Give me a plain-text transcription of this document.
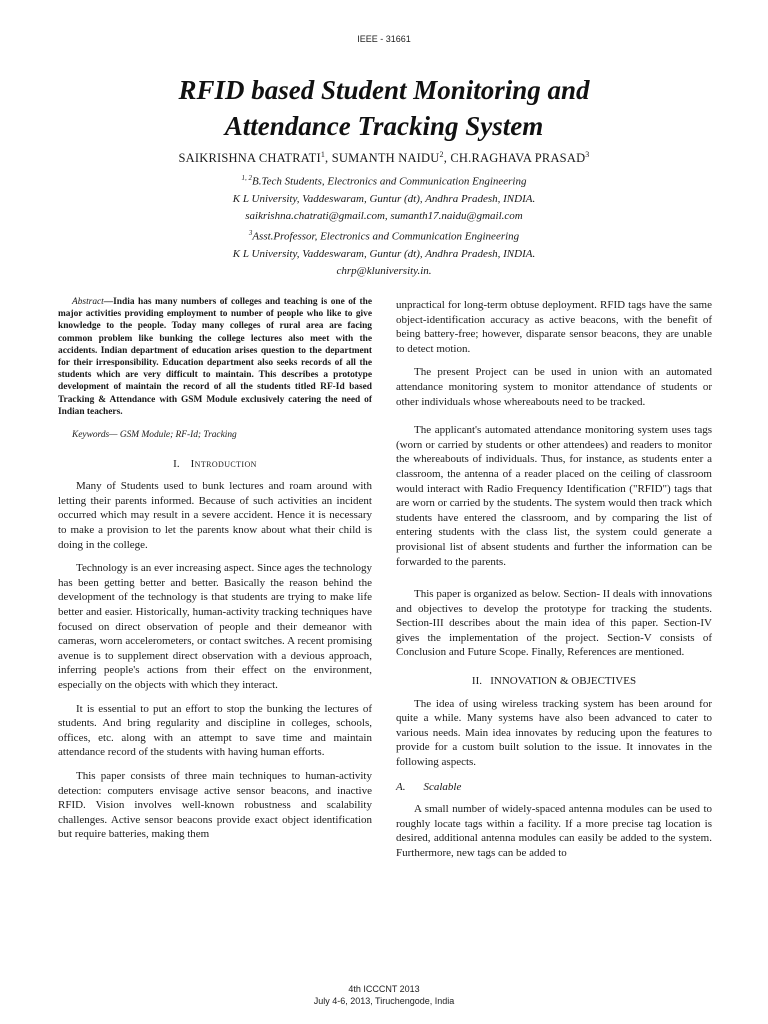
IEEE - 31661
RFID based Student Monitoring and
Attendance Tracking System
SAIKRISHNA CHATRATI$^1$, SUMANTH NAIDU$^2$, CH.RAGHAVA PRASAD$^3$
$^{1, 2}$B.Tech Students, Electronics and Communication Engineering
K L University, Vaddeswaram, Guntur (dt), Andhra Pradesh, INDIA.
saikrishna.chatrati@gmail.com, sumanth17.naidu@gmail.com
$^3$Asst.Professor, Electronics and Communication Engineering
K L University, Vaddeswaram, Guntur (dt), Andhra Pradesh, INDIA.
chrp@kluniversity.in.

Abstract—India has many numbers of colleges and teaching is one of the major activities providing employment to number of people who like to give knowledge to the people. Today many colleges of rural area are facing common problem like bunking the college lectures also meet with the accidents. Indian department of education arises question to the department for their irresponsibility. Education department also seeks records of all the students which are very difficult to maintain. This describes a prototype development of maintain the record of all the students titled RF-Id based Tracking & Attendance with GSM Module exclusively catering the need of Indian teachers.

Keywords— GSM Module; RF-Id; Tracking

I. Introduction

Many of Students used to bunk lectures and roam around with letting their parents informed. Because of such activities an incident occurred which may result in a severe accident. Hence it is necessary to make a provision to let the parents know about what their child is doing in the college.

Technology is an ever increasing aspect. Since ages the technology has been getting better and better. Basically the reason behind the development of the technology is that students are trying to make life better and easier. Historically, human-activity tracking techniques have focused on direct observation of people and their demeanor with cameras, worn accelerometers, or contact switches. A recent promising avenue is to supplement direct observation with a devious approach, inferring people's actions from their effect on the environment, especially on the objects with which they interact.

It is essential to put an effort to stop the bunking the lectures of students. And bring regularity and discipline in colleges, schools, offices, etc. along with an attempt to save time and maintain attendance record of the students with having human efforts.

This paper consists of three main techniques to human-activity detection: computers envisage active sensor beacons, and inactive RFID. Vision involves well-known robustness and scalability challenges. Active sensor beacons provide exact object identification but require batteries, making them

unpractical for long-term obtuse deployment. RFID tags have the same object-identification accuracy as active beacons, with the benefit of being battery-free; however, disparate sensor beacons, they are unable to detect motion.

The present Project can be used in union with an automated attendance monitoring system to monitor attendance of students or other individuals whose whereabouts need to be tracked.

The applicant's automated attendance monitoring system uses tags (worn or carried by students or other attendees) and readers to monitor the whereabouts of individuals. Thus, for instance, as students enter a classroom, the antenna of a reader placed on the ceiling of classroom would interact with Radio Frequency Identification ("RFID") tags that are worn or carried by the students. The system would then track which students have entered the classroom, and by comparing the list of entering students with the class list, the system could generate a provisional list of absent students and further the information can be forwarded to the parents.

This paper is organized as below. Section- II deals with innovations and objectives to develop the prototype for tracking the students. Section-III describes about the main idea of this paper. Section-IV gives the implementation of the project. Section-V consists of Conclusion and Future Scope. Finally, References are mentioned.

II. INNOVATION & OBJECTIVES

The idea of using wireless tracking system has been around for quite a while. Many systems have also been advanced to cater to various needs. Main idea innovates by reducing upon the features to provide for a custom built solution to the issue. It innovates in the following aspects.

A. Scalable

A small number of widely-spaced antenna modules can be used to roughly locate tags within a facility. If a more precise tag location is desired, additional antenna modules can easily be added to the system. Furthermore, new tags can be added to

4th ICCCNT 2013
July 4-6, 2013, Tiruchengode, India
